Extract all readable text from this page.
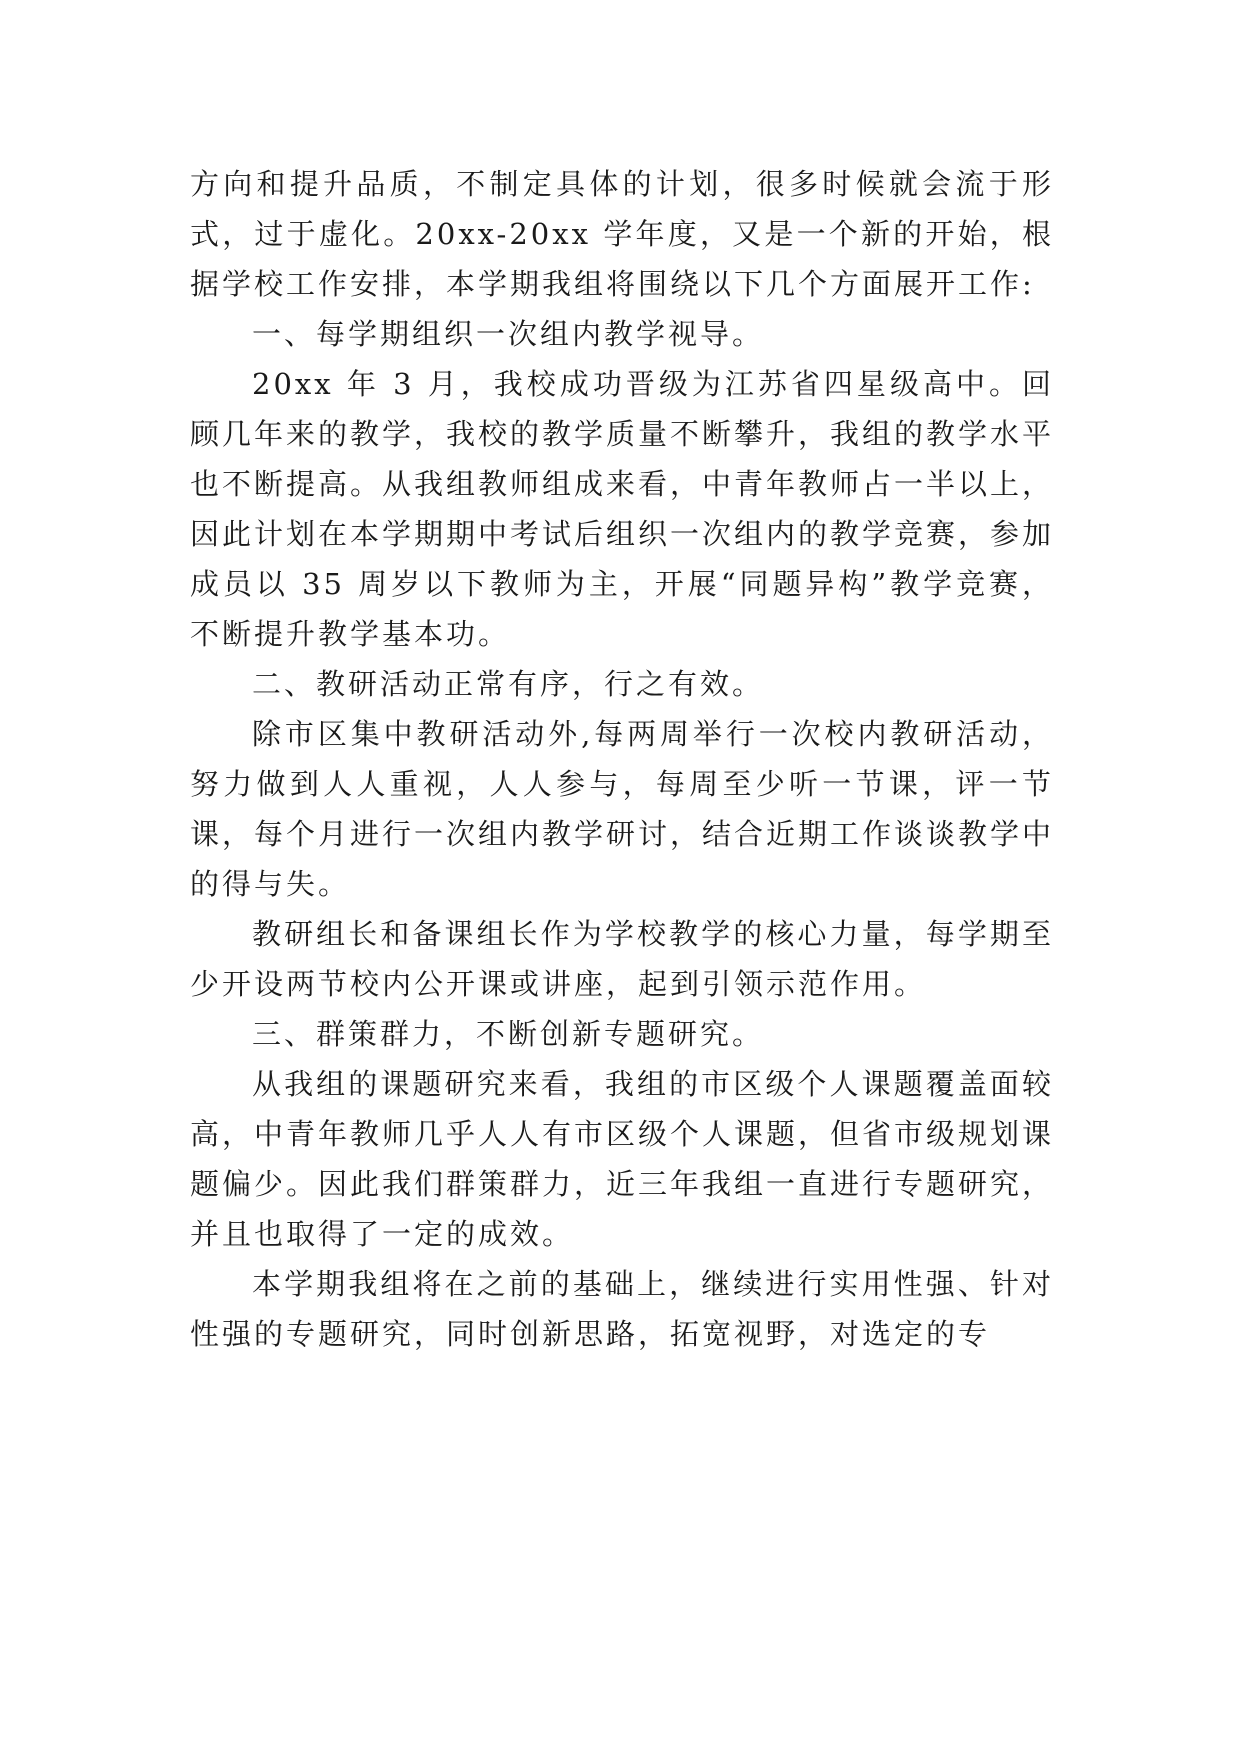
方向和提升品质，不制定具体的计划，很多时候就会流于形式，过于虚化。20xx-20xx 学年度，又是一个新的开始，根据学校工作安排，本学期我组将围绕以下几个方面展开工作:

一、每学期组织一次组内教学视导。

20xx 年 3 月，我校成功晋级为江苏省四星级高中。回顾几年来的教学，我校的教学质量不断攀升，我组的教学水平也不断提高。从我组教师组成来看，中青年教师占一半以上，因此计划在本学期期中考试后组织一次组内的教学竞赛，参加成员以 35 周岁以下教师为主，开展“同题异构”教学竞赛，不断提升教学基本功。

二、教研活动正常有序，行之有效。

除市区集中教研活动外,每两周举行一次校内教研活动，努力做到人人重视，人人参与，每周至少听一节课，评一节课，每个月进行一次组内教学研讨，结合近期工作谈谈教学中的得与失。

教研组长和备课组长作为学校教学的核心力量，每学期至少开设两节校内公开课或讲座，起到引领示范作用。

三、群策群力，不断创新专题研究。

从我组的课题研究来看，我组的市区级个人课题覆盖面较高，中青年教师几乎人人有市区级个人课题，但省市级规划课题偏少。因此我们群策群力，近三年我组一直进行专题研究，并且也取得了一定的成效。

本学期我组将在之前的基础上，继续进行实用性强、针对性强的专题研究，同时创新思路，拓宽视野，对选定的专
